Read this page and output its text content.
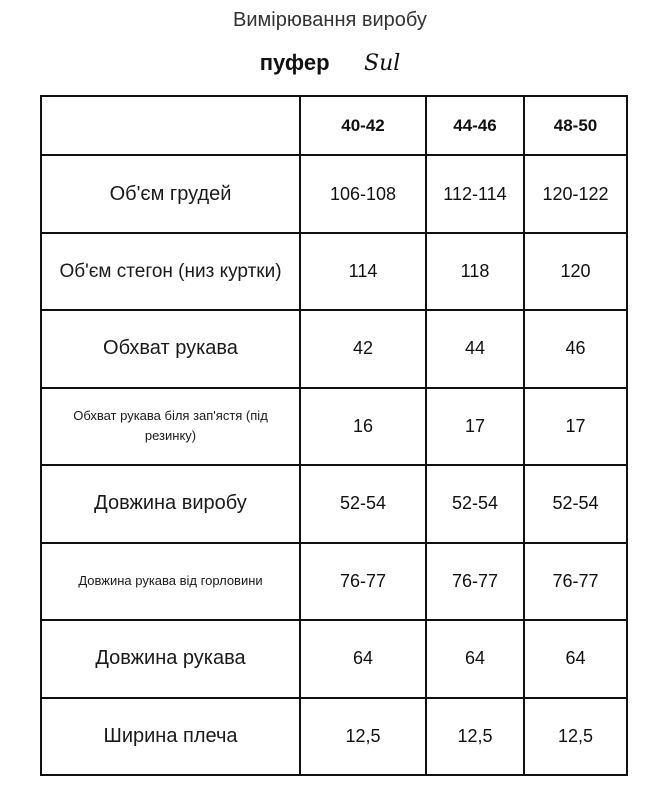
Вимірювання виробу
пуфер Sul
	40-42	44-46	48-50
Об'єм грудей	106-108	112-114	120-122
Об'єм стегон (низ куртки)	114	118	120
Обхват рукава	42	44	46
Обхват рукава біля зап'ястя (під резинку)	16	17	17
Довжина виробу	52-54	52-54	52-54
Довжина рукава від горловини	76-77	76-77	76-77
Довжина рукава	64	64	64
Ширина плеча	12,5	12,5	12,5
